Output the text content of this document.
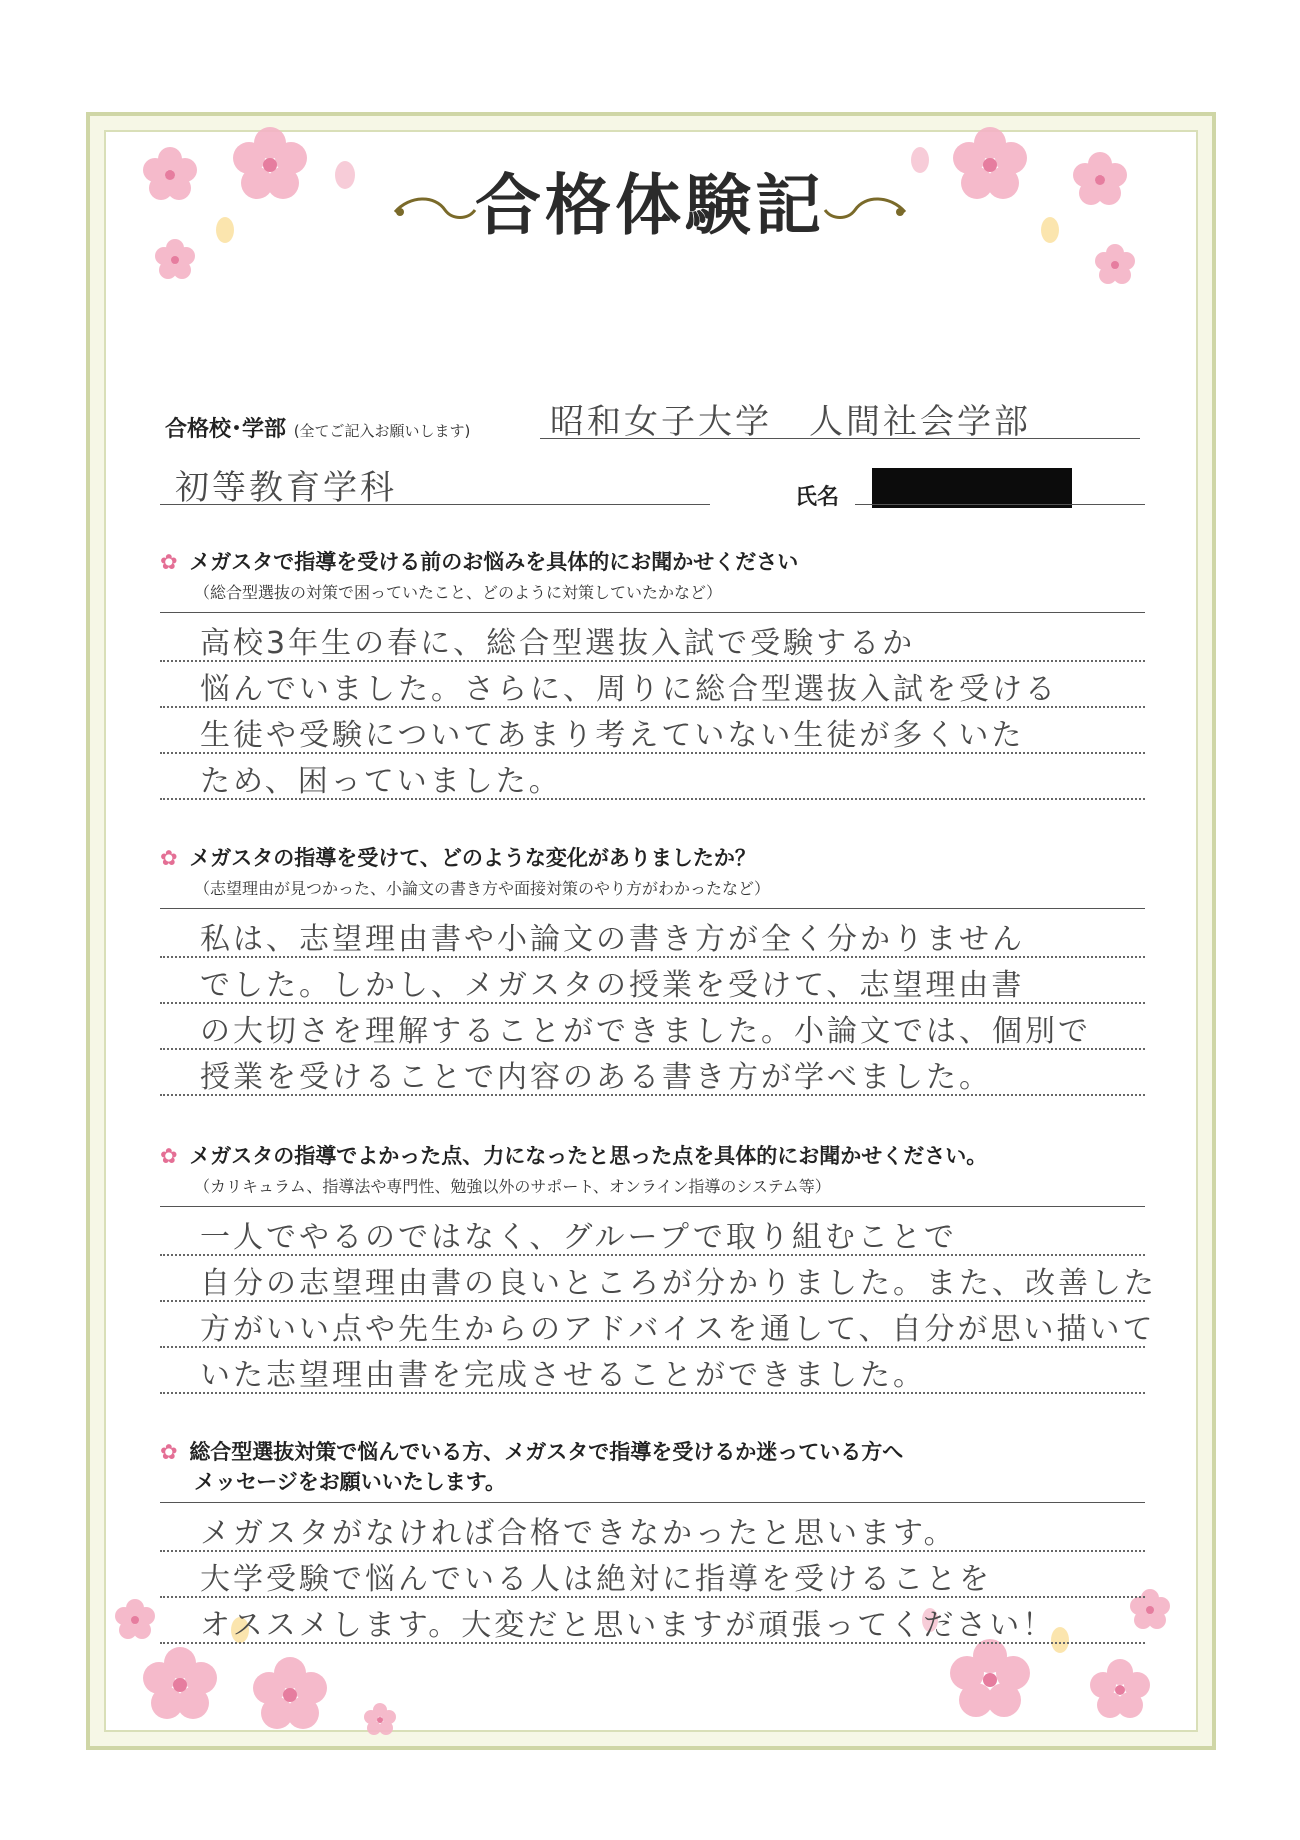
合格体験記
合格校･学部 (全てご記入お願いします) 昭和女子大学　人間社会学部
初等教育学科	氏名
✿ メガスタで指導を受ける前のお悩みを具体的にお聞かせください
（総合型選抜の対策で困っていたこと、どのように対策していたかなど）
高校3年生の春に、総合型選抜入試で受験するか
悩んでいました。さらに、周りに総合型選抜入試を受ける
生徒や受験についてあまり考えていない生徒が多くいた
ため、困っていました。
✿ メガスタの指導を受けて、どのような変化がありましたか？
（志望理由が見つかった、小論文の書き方や面接対策のやり方がわかったなど）
私は、志望理由書や小論文の書き方が全く分かりません
でした。しかし、メガスタの授業を受けて、志望理由書
の大切さを理解することができました。小論文では、個別で
授業を受けることで内容のある書き方が学べました。
✿ メガスタの指導でよかった点、力になったと思った点を具体的にお聞かせください。
（カリキュラム、指導法や専門性、勉強以外のサポート、オンライン指導のシステム等）
一人でやるのではなく、グループで取り組むことで
自分の志望理由書の良いところが分かりました。また、改善した
方がいい点や先生からのアドバイスを通して、自分が思い描いて
いた志望理由書を完成させることができました。
✿ 総合型選抜対策で悩んでいる方、メガスタで指導を受けるか迷っている方へ
メッセージをお願いいたします。
メガスタがなければ合格できなかったと思います。
大学受験で悩んでいる人は絶対に指導を受けることを
オススメします。大変だと思いますが頑張ってください！
